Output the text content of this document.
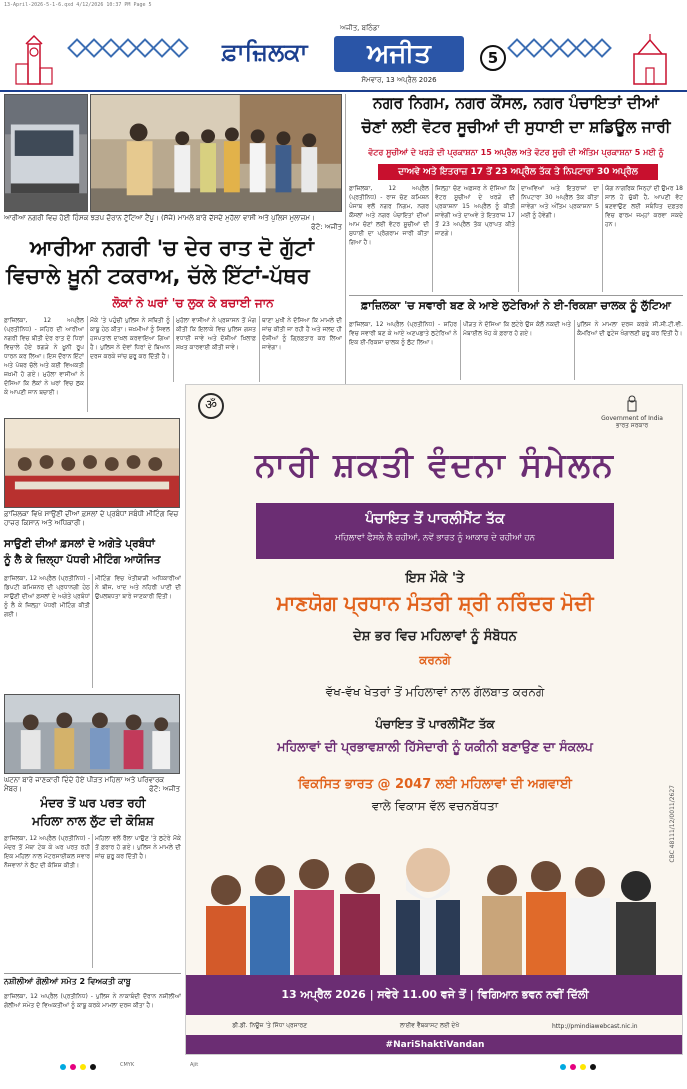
13-April-2026-5-1-6.qxd 4/12/2026 10:37 PM Page 5
ਫ਼ਾਜ਼ਿਲਕਾ
ਅਜੀਤ, ਬਠਿੰਡਾ
ਅਜੀਤ
ਸੋਮਵਾਰ, 13 ਅਪ੍ਰੈਲ 2026
5
ਆਰੀਆ ਨਗਰੀ ਵਿਚ ਹੋਈ ਹਿੰਸਕ ਝੜਪ ਦੌਰਾਨ ਟੁੱਟਿਆ ਟੈਂਪੂ। (ਸੱਜੇ) ਮਾਮਲੇ ਬਾਰੇ ਦੱਸਦੇ ਮੁਹੱਲਾ ਵਾਸੀ ਅਤੇ ਪੁਲਿਸ ਮੁਲਾਜ਼ਮ।
ਫੋਟੋ: ਅਜੀਤ
ਆਰੀਆ ਨਗਰੀ 'ਚ ਦੇਰ ਰਾਤ ਦੋ ਗੁੱਟਾਂ
ਵਿਚਾਲੇ ਖ਼ੂਨੀ ਟਕਰਾਅ, ਚੱਲੇ ਇੱਟਾਂ-ਪੱਥਰ
ਲੋਕਾਂ ਨੇ ਘਰਾਂ 'ਚ ਲੁਕ ਕੇ ਬਚਾਈ ਜਾਨ
ਫ਼ਾਜ਼ਿਲਕਾ, 12 ਅਪ੍ਰੈਲ (ਪ੍ਰਤੀਨਿਧ) - ਸ਼ਹਿਰ ਦੀ ਆਰੀਆ ਨਗਰੀ ਵਿਚ ਬੀਤੀ ਦੇਰ ਰਾਤ ਦੋ ਧਿਰਾਂ ਵਿਚਾਲੇ ਹੋਏ ਝਗੜੇ ਨੇ ਖ਼ੂਨੀ ਰੂਪ ਧਾਰਨ ਕਰ ਲਿਆ। ਇਸ ਦੌਰਾਨ ਇੱਟਾਂ ਅਤੇ ਪੱਥਰ ਚੱਲੇ ਅਤੇ ਕਈ ਵਿਅਕਤੀ ਜ਼ਖ਼ਮੀ ਹੋ ਗਏ। ਮੁਹੱਲਾ ਵਾਸੀਆਂ ਨੇ ਦੱਸਿਆ ਕਿ ਲੋਕਾਂ ਨੇ ਘਰਾਂ ਵਿਚ ਲੁਕ ਕੇ ਆਪਣੀ ਜਾਨ ਬਚਾਈ।
ਮੌਕੇ 'ਤੇ ਪਹੁੰਚੀ ਪੁਲਿਸ ਨੇ ਸਥਿਤੀ ਨੂੰ ਕਾਬੂ ਹੇਠ ਕੀਤਾ। ਜ਼ਖ਼ਮੀਆਂ ਨੂੰ ਸਿਵਲ ਹਸਪਤਾਲ ਦਾਖ਼ਲ ਕਰਵਾਇਆ ਗਿਆ ਹੈ। ਪੁਲਿਸ ਨੇ ਦੋਵਾਂ ਧਿਰਾਂ ਦੇ ਬਿਆਨ ਦਰਜ ਕਰਕੇ ਜਾਂਚ ਸ਼ੁਰੂ ਕਰ ਦਿੱਤੀ ਹੈ।
ਮੁਹੱਲਾ ਵਾਸੀਆਂ ਨੇ ਪ੍ਰਸ਼ਾਸਨ ਤੋਂ ਮੰਗ ਕੀਤੀ ਕਿ ਇਲਾਕੇ ਵਿਚ ਪੁਲਿਸ ਗਸ਼ਤ ਵਧਾਈ ਜਾਵੇ ਅਤੇ ਦੋਸ਼ੀਆਂ ਖ਼ਿਲਾਫ਼ ਸਖ਼ਤ ਕਾਰਵਾਈ ਕੀਤੀ ਜਾਵੇ।
ਥਾਣਾ ਮੁਖੀ ਨੇ ਦੱਸਿਆ ਕਿ ਮਾਮਲੇ ਦੀ ਜਾਂਚ ਕੀਤੀ ਜਾ ਰਹੀ ਹੈ ਅਤੇ ਜਲਦ ਹੀ ਦੋਸ਼ੀਆਂ ਨੂੰ ਗ੍ਰਿਫ਼ਤਾਰ ਕਰ ਲਿਆ ਜਾਵੇਗਾ।
ਨਗਰ ਨਿਗਮ, ਨਗਰ ਕੌਂਸਲ, ਨਗਰ ਪੰਚਾਇਤਾਂ ਦੀਆਂ
ਚੋਣਾਂ ਲਈ ਵੋਟਰ ਸੂਚੀਆਂ ਦੀ ਸੁਧਾਈ ਦਾ ਸ਼ਡਿਊਲ ਜਾਰੀ
ਵੋਟਰ ਸੂਚੀਆਂ ਦੇ ਖਰੜੇ ਦੀ ਪ੍ਰਕਾਸ਼ਨਾ 15 ਅਪ੍ਰੈਲ ਅਤੇ ਵੋਟਰ ਸੂਚੀ ਦੀ ਅੰਤਿਮ ਪ੍ਰਕਾਸ਼ਨਾ 5 ਮਈ ਨੂੰ
ਦਾਅਵੇ ਅਤੇ ਇਤਰਾਜ਼ 17 ਤੋਂ 23 ਅਪ੍ਰੈਲ ਤੱਕ ਤੇ ਨਿਪਟਾਰਾ 30 ਅਪ੍ਰੈਲ
ਫ਼ਾਜ਼ਿਲਕਾ, 12 ਅਪ੍ਰੈਲ (ਪ੍ਰਤੀਨਿਧ) - ਰਾਜ ਚੋਣ ਕਮਿਸ਼ਨ ਪੰਜਾਬ ਵਲੋਂ ਨਗਰ ਨਿਗਮ, ਨਗਰ ਕੌਂਸਲਾਂ ਅਤੇ ਨਗਰ ਪੰਚਾਇਤਾਂ ਦੀਆਂ ਆਮ ਚੋਣਾਂ ਲਈ ਵੋਟਰ ਸੂਚੀਆਂ ਦੀ ਸੁਧਾਈ ਦਾ ਪ੍ਰੋਗਰਾਮ ਜਾਰੀ ਕੀਤਾ ਗਿਆ ਹੈ।
ਜ਼ਿਲ੍ਹਾ ਚੋਣ ਅਫ਼ਸਰ ਨੇ ਦੱਸਿਆ ਕਿ ਵੋਟਰ ਸੂਚੀਆਂ ਦੇ ਖਰੜੇ ਦੀ ਪ੍ਰਕਾਸ਼ਨਾ 15 ਅਪ੍ਰੈਲ ਨੂੰ ਕੀਤੀ ਜਾਵੇਗੀ ਅਤੇ ਦਾਅਵੇ ਤੇ ਇਤਰਾਜ਼ 17 ਤੋਂ 23 ਅਪ੍ਰੈਲ ਤੱਕ ਪ੍ਰਾਪਤ ਕੀਤੇ ਜਾਣਗੇ।
ਦਾਅਵਿਆਂ ਅਤੇ ਇਤਰਾਜ਼ਾਂ ਦਾ ਨਿਪਟਾਰਾ 30 ਅਪ੍ਰੈਲ ਤੱਕ ਕੀਤਾ ਜਾਵੇਗਾ ਅਤੇ ਅੰਤਿਮ ਪ੍ਰਕਾਸ਼ਨਾ 5 ਮਈ ਨੂੰ ਹੋਵੇਗੀ।
ਯੋਗ ਨਾਗਰਿਕ ਜਿਨ੍ਹਾਂ ਦੀ ਉਮਰ 18 ਸਾਲ ਹੋ ਚੁੱਕੀ ਹੈ, ਆਪਣੀ ਵੋਟ ਬਣਵਾਉਣ ਲਈ ਸਬੰਧਿਤ ਦਫ਼ਤਰ ਵਿਚ ਫਾਰਮ ਜਮ੍ਹਾਂ ਕਰਵਾ ਸਕਦੇ ਹਨ।
ਫ਼ਾਜ਼ਿਲਕਾ 'ਚ ਸਵਾਰੀ ਬਣ ਕੇ ਆਏ ਲੁਟੇਰਿਆਂ ਨੇ ਈ-ਰਿਕਸ਼ਾ ਚਾਲਕ ਨੂੰ ਲੁੱਟਿਆ
ਫ਼ਾਜ਼ਿਲਕਾ, 12 ਅਪ੍ਰੈਲ (ਪ੍ਰਤੀਨਿਧ) - ਸ਼ਹਿਰ ਵਿਚ ਸਵਾਰੀ ਬਣ ਕੇ ਆਏ ਅਣਪਛਾਤੇ ਲੁਟੇਰਿਆਂ ਨੇ ਇਕ ਈ-ਰਿਕਸ਼ਾ ਚਾਲਕ ਨੂੰ ਲੁੱਟ ਲਿਆ।
ਪੀੜਤ ਨੇ ਦੱਸਿਆ ਕਿ ਲੁਟੇਰੇ ਉਸ ਕੋਲੋਂ ਨਕਦੀ ਅਤੇ ਮੋਬਾਈਲ ਖੋਹ ਕੇ ਫ਼ਰਾਰ ਹੋ ਗਏ।
ਪੁਲਿਸ ਨੇ ਮਾਮਲਾ ਦਰਜ ਕਰਕੇ ਸੀ.ਸੀ.ਟੀ.ਵੀ. ਕੈਮਰਿਆਂ ਦੀ ਫੁਟੇਜ ਖੰਗਾਲਣੀ ਸ਼ੁਰੂ ਕਰ ਦਿੱਤੀ ਹੈ।
ਫ਼ਾਜ਼ਿਲਕਾ ਵਿਖੇ ਸਾਉਣੀ ਦੀਆਂ ਫ਼ਸਲਾਂ ਦੇ ਪ੍ਰਬੰਧਾਂ ਸਬੰਧੀ ਮੀਟਿੰਗ ਵਿਚ ਹਾਜ਼ਰ ਕਿਸਾਨ ਅਤੇ ਅਧਿਕਾਰੀ।
ਸਾਉਣੀ ਦੀਆਂ ਫ਼ਸਲਾਂ ਦੇ ਅਗੇਤੇ ਪ੍ਰਬੰਧਾਂ
ਨੂੰ ਲੈ ਕੇ ਜ਼ਿਲ੍ਹਾ ਪੱਧਰੀ ਮੀਟਿੰਗ ਆਯੋਜਿਤ
ਫ਼ਾਜ਼ਿਲਕਾ, 12 ਅਪ੍ਰੈਲ (ਪ੍ਰਤੀਨਿਧ) - ਡਿਪਟੀ ਕਮਿਸ਼ਨਰ ਦੀ ਪ੍ਰਧਾਨਗੀ ਹੇਠ ਸਾਉਣੀ ਦੀਆਂ ਫ਼ਸਲਾਂ ਦੇ ਅਗੇਤੇ ਪ੍ਰਬੰਧਾਂ ਨੂੰ ਲੈ ਕੇ ਜ਼ਿਲ੍ਹਾ ਪੱਧਰੀ ਮੀਟਿੰਗ ਕੀਤੀ ਗਈ।
ਮੀਟਿੰਗ ਵਿਚ ਖੇਤੀਬਾੜੀ ਅਧਿਕਾਰੀਆਂ ਨੇ ਬੀਜ, ਖਾਦ ਅਤੇ ਨਹਿਰੀ ਪਾਣੀ ਦੀ ਉਪਲਬਧਤਾ ਬਾਰੇ ਜਾਣਕਾਰੀ ਦਿੱਤੀ।
ਘਟਨਾ ਬਾਰੇ ਜਾਣਕਾਰੀ ਦਿੰਦੇ ਹੋਏ ਪੀੜਤ ਮਹਿਲਾ ਅਤੇ ਪਰਿਵਾਰਕ ਮੈਂਬਰ।	ਫੋਟੋ: ਅਜੀਤ
ਮੰਦਰ ਤੋਂ ਘਰ ਪਰਤ ਰਹੀ
ਮਹਿਲਾ ਨਾਲ ਲੁੱਟ ਦੀ ਕੋਸ਼ਿਸ਼
ਫ਼ਾਜ਼ਿਲਕਾ, 12 ਅਪ੍ਰੈਲ (ਪ੍ਰਤੀਨਿਧ) - ਮੰਦਰ ਤੋਂ ਮੱਥਾ ਟੇਕ ਕੇ ਘਰ ਪਰਤ ਰਹੀ ਇਕ ਮਹਿਲਾ ਨਾਲ ਮੋਟਰਸਾਈਕਲ ਸਵਾਰ ਨੌਜਵਾਨਾਂ ਨੇ ਲੁੱਟ ਦੀ ਕੋਸ਼ਿਸ਼ ਕੀਤੀ।
ਮਹਿਲਾ ਵਲੋਂ ਰੌਲਾ ਪਾਉਣ 'ਤੇ ਲੁਟੇਰੇ ਮੌਕੇ ਤੋਂ ਫ਼ਰਾਰ ਹੋ ਗਏ। ਪੁਲਿਸ ਨੇ ਮਾਮਲੇ ਦੀ ਜਾਂਚ ਸ਼ੁਰੂ ਕਰ ਦਿੱਤੀ ਹੈ।
ਨਸ਼ੀਲੀਆਂ ਗੋਲੀਆਂ ਸਮੇਤ 2 ਵਿਅਕਤੀ ਕਾਬੂ
ਫ਼ਾਜ਼ਿਲਕਾ, 12 ਅਪ੍ਰੈਲ (ਪ੍ਰਤੀਨਿਧ) - ਪੁਲਿਸ ਨੇ ਨਾਕਾਬੰਦੀ ਦੌਰਾਨ ਨਸ਼ੀਲੀਆਂ ਗੋਲੀਆਂ ਸਮੇਤ ਦੋ ਵਿਅਕਤੀਆਂ ਨੂੰ ਕਾਬੂ ਕਰਕੇ ਮਾਮਲਾ ਦਰਜ ਕੀਤਾ ਹੈ।
ॐ
Government of India
ਭਾਰਤ ਸਰਕਾਰ
ਨਾਰੀ ਸ਼ਕਤੀ ਵੰਦਨਾ ਸੰਮੇਲਨ
ਪੰਚਾਇਤ ਤੋਂ ਪਾਰਲੀਮੈਂਟ ਤੱਕ
ਮਹਿਲਾਵਾਂ ਫੈਸਲੇ ਲੈ ਰਹੀਆਂ, ਨਵੇਂ ਭਾਰਤ ਨੂੰ ਆਕਾਰ ਦੇ ਰਹੀਆਂ ਹਨ
ਇਸ ਮੌਕੇ 'ਤੇ
ਮਾਣਯੋਗ ਪ੍ਰਧਾਨ ਮੰਤਰੀ ਸ਼੍ਰੀ ਨਰਿੰਦਰ ਮੋਦੀ
ਦੇਸ਼ ਭਰ ਵਿਚ ਮਹਿਲਾਵਾਂ ਨੂੰ ਸੰਬੋਧਨ
ਕਰਨਗੇ
ਵੱਖ-ਵੱਖ ਖੇਤਰਾਂ ਤੋਂ ਮਹਿਲਾਵਾਂ ਨਾਲ ਗੱਲਬਾਤ ਕਰਨਗੇ
ਪੰਚਾਇਤ ਤੋਂ ਪਾਰਲੀਮੈਂਟ ਤੱਕ
ਮਹਿਲਾਵਾਂ ਦੀ ਪ੍ਰਭਾਵਸ਼ਾਲੀ ਹਿੱਸੇਦਾਰੀ ਨੂੰ ਯਕੀਨੀ ਬਣਾਉਣ ਦਾ ਸੰਕਲਪ
ਵਿਕਸਿਤ ਭਾਰਤ @ 2047 ਲਈ ਮਹਿਲਾਵਾਂ ਦੀ ਅਗਵਾਈ
ਵਾਲੇ ਵਿਕਾਸ ਵੱਲ ਵਚਨਬੱਧਤਾ	CBC 48111/12/0011/2627
13 ਅਪ੍ਰੈਲ 2026 | ਸਵੇਰੇ 11.00 ਵਜੇ ਤੋਂ | ਵਿਗਿਆਨ ਭਵਨ ਨਵੀਂ ਦਿੱਲੀ
ਡੀ.ਡੀ. ਨਿਊਜ਼ 'ਤੇ ਸਿੱਧਾ ਪ੍ਰਸਾਰਣ	ਲਾਈਵ ਵੈੱਬਕਾਸਟ ਲਈ ਦੇਖੋ	http://pmindiawebcast.nic.in
#NariShaktiVandan
Ajit
CMYK
